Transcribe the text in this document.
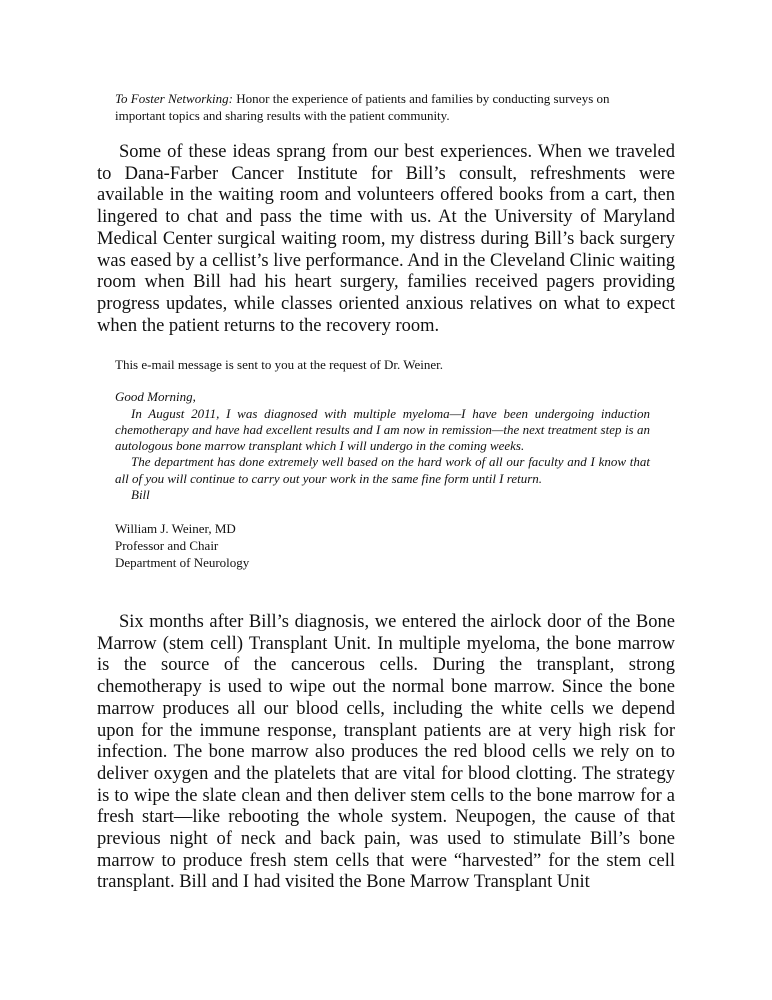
To Foster Networking: Honor the experience of patients and families by conducting surveys on important topics and sharing results with the patient community.

Some of these ideas sprang from our best experiences. When we traveled to Dana-Farber Cancer Institute for Bill’s consult, refreshments were available in the waiting room and volunteers offered books from a cart, then lingered to chat and pass the time with us. At the University of Maryland Medical Center surgical waiting room, my distress during Bill’s back surgery was eased by a cellist’s live performance. And in the Cleveland Clinic waiting room when Bill had his heart surgery, families received pagers providing progress updates, while classes oriented anxious relatives on what to expect when the patient returns to the recovery room.

This e-mail message is sent to you at the request of Dr. Weiner.

Good Morning,

In August 2011, I was diagnosed with multiple myeloma—I have been undergoing induction chemotherapy and have had excellent results and I am now in remission—the next treatment step is an autologous bone marrow transplant which I will undergo in the coming weeks.

The department has done extremely well based on the hard work of all our faculty and I know that all of you will continue to carry out your work in the same fine form until I return.

Bill

William J. Weiner, MD
Professor and Chair
Department of Neurology

Six months after Bill’s diagnosis, we entered the airlock door of the Bone Marrow (stem cell) Transplant Unit. In multiple myeloma, the bone marrow is the source of the cancerous cells. During the transplant, strong chemotherapy is used to wipe out the normal bone marrow. Since the bone marrow produces all our blood cells, including the white cells we depend upon for the immune response, transplant patients are at very high risk for infection. The bone marrow also produces the red blood cells we rely on to deliver oxygen and the platelets that are vital for blood clotting. The strategy is to wipe the slate clean and then deliver stem cells to the bone marrow for a fresh start—like rebooting the whole system. Neupogen, the cause of that previous night of neck and back pain, was used to stimulate Bill’s bone marrow to produce fresh stem cells that were “harvested” for the stem cell transplant. Bill and I had visited the Bone Marrow Transplant Unit
